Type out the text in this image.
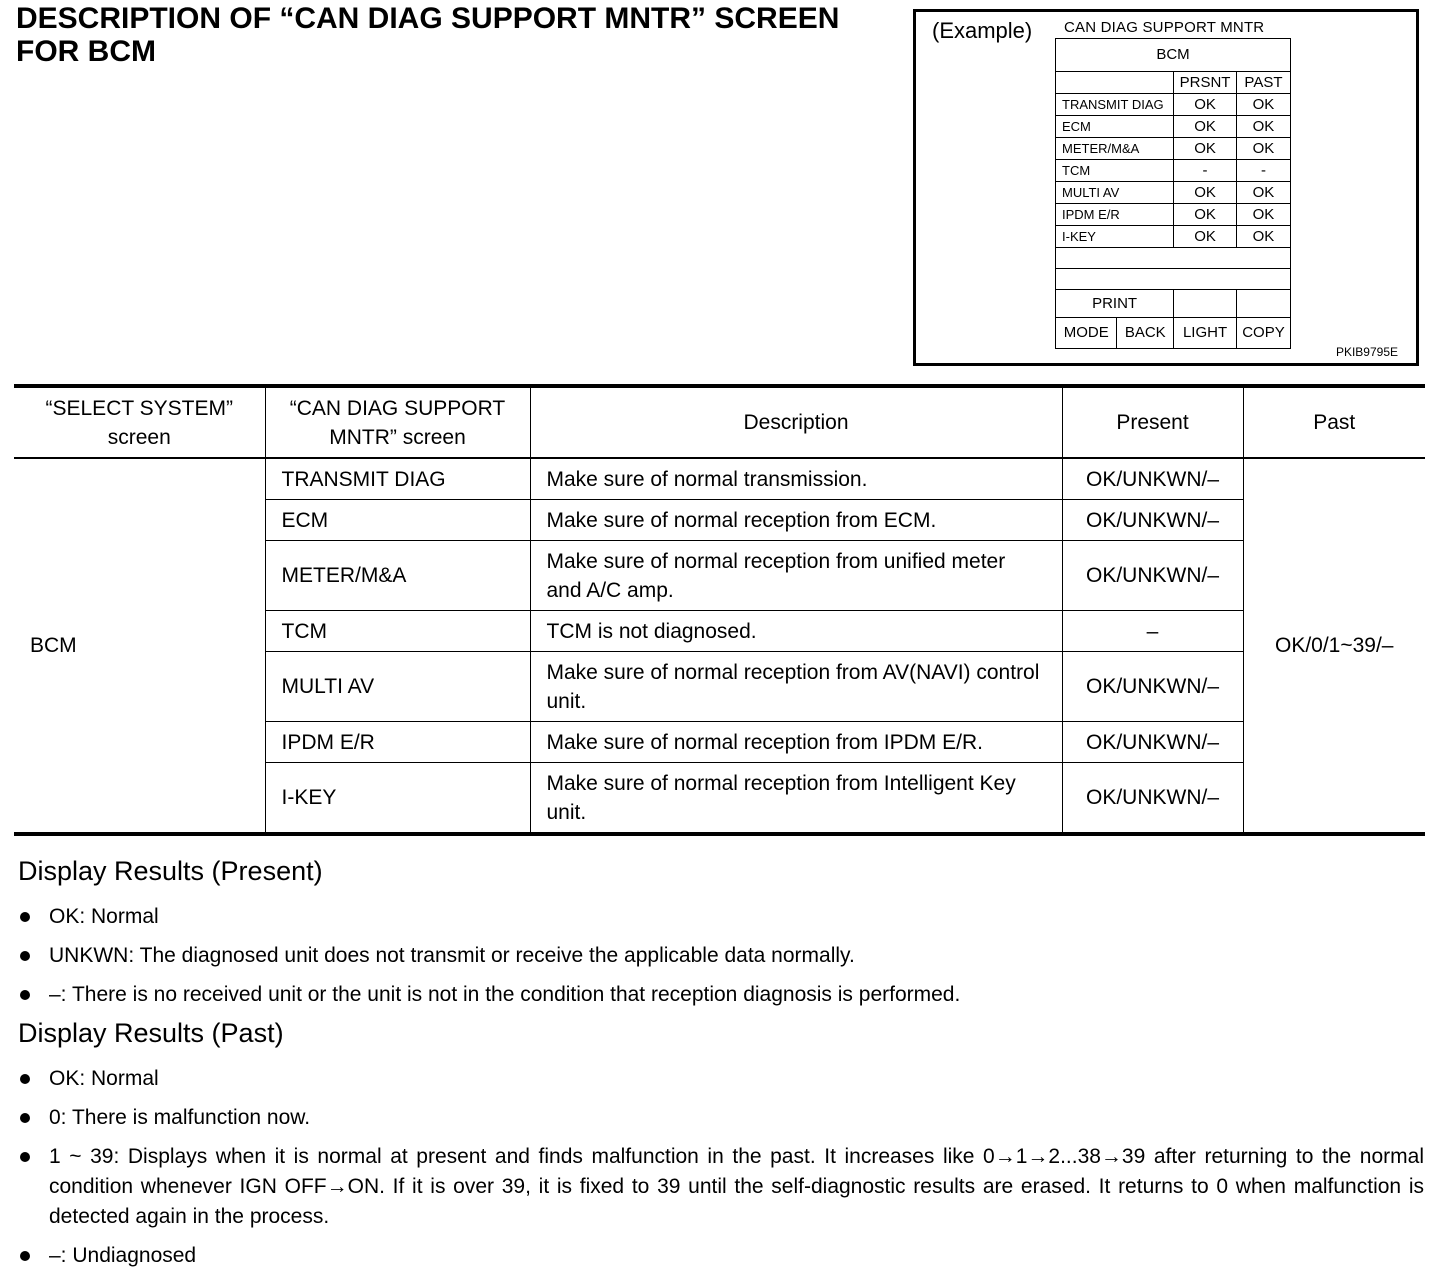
DESCRIPTION OF “CAN DIAG SUPPORT MNTR” SCREEN
FOR BCM
(Example) CAN DIAG SUPPORT MNTR
BCM			
		PRSNT	PAST
TRANSMIT DIAG		OK	OK
ECM		OK	OK
METER/M&A		OK	OK
TCM		-	-
MULTI AV		OK	OK
IPDM E/R		OK	OK
I-KEY		OK	OK

PRINT			
MODE	BACK	LIGHT	COPY
PKIB9795E
“SELECT SYSTEM” screen	“CAN DIAG SUPPORT MNTR” screen	Description	Present	Past
BCM	TRANSMIT DIAG	Make sure of normal transmission.	OK/UNKWN/–	OK/0/1~39/–
	ECM	Make sure of normal reception from ECM.	OK/UNKWN/–	
	METER/M&A	Make sure of normal reception from unified meter and A/C amp.	OK/UNKWN/–	
	TCM	TCM is not diagnosed.	–	
	MULTI AV	Make sure of normal reception from AV(NAVI) control unit.	OK/UNKWN/–	
	IPDM E/R	Make sure of normal reception from IPDM E/R.	OK/UNKWN/–	
	I-KEY	Make sure of normal reception from Intelligent Key unit.	OK/UNKWN/–	
Display Results (Present)
OK: Normal
UNKWN: The diagnosed unit does not transmit or receive the applicable data normally.
–: There is no received unit or the unit is not in the condition that reception diagnosis is performed.
Display Results (Past)
OK: Normal
0: There is malfunction now.
1 ~ 39: Displays when it is normal at present and finds malfunction in the past. It increases like 0→1→2...38→39 after returning to the normal condition whenever IGN OFF→ON. If it is over 39, it is fixed to 39 until the self-diagnostic results are erased. It returns to 0 when malfunction is detected again in the process.
–: Undiagnosed
